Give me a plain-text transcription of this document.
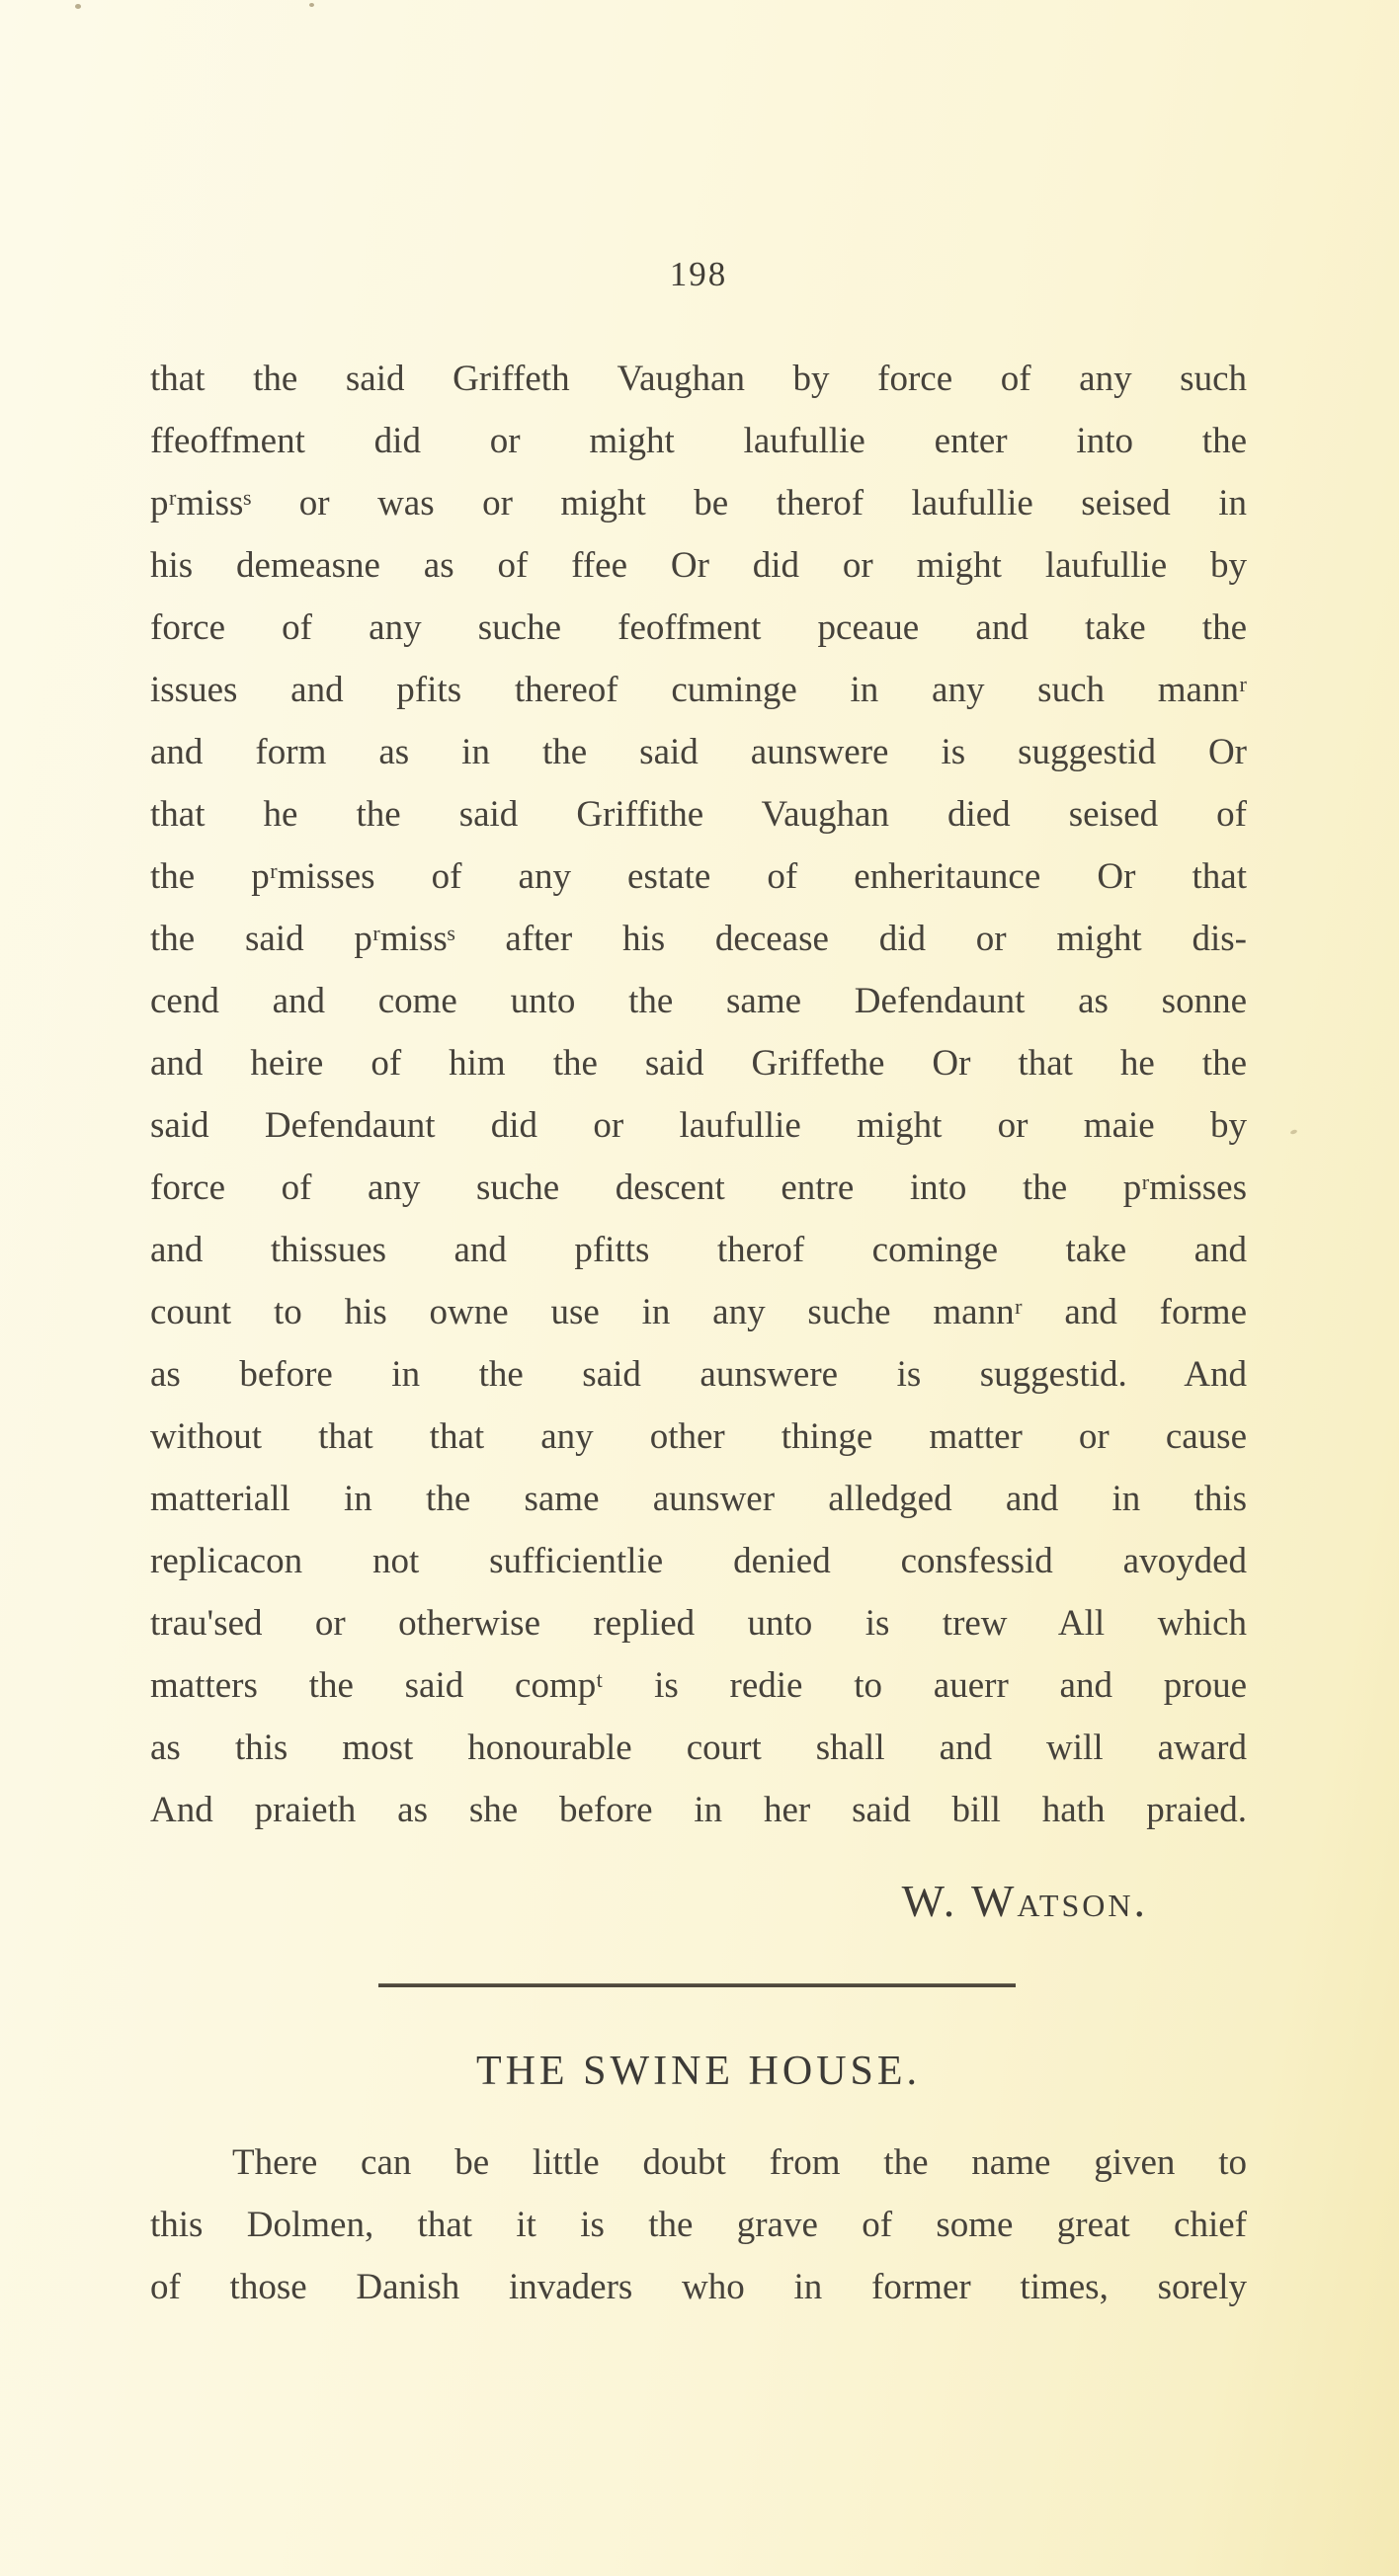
198
that the said Griffeth Vaughan by force of any such
ffeoffment did or might laufullie enter into the
pʳmissˢ or was or might be therof laufullie seised in
his demeasne as of ffee Or did or might laufullie by
force of any suche feoffment pceaue and take the
issues and pfits thereof cuminge in any such mannʳ
and form as in the said aunswere is suggestid Or
that he the said Griffithe Vaughan died seised of
the pʳmisses of any estate of enheritaunce Or that
the said pʳmissˢ after his decease did or might dis-
cend and come unto the same Defendaunt as sonne
and heire of him the said Griffethe Or that he the
said Defendaunt did or laufullie might or maie by
force of any suche descent entre into the pʳmisses
and thissues and pfitts therof cominge take and
count to his owne use in any suche mannʳ and forme
as before in the said aunswere is suggestid. And
without that that any other thinge matter or cause
matteriall in the same aunswer alledged and in this
replicacon not sufficientlie denied consfessid avoyded
trau'sed or otherwise replied unto is trew All which
matters the said compᵗ is redie to auerr and proue
as this most honourable court shall and will award
And praieth as she before in her said bill hath praied.
W. Watson.
THE SWINE HOUSE.
There can be little doubt from the name given to
this Dolmen, that it is the grave of some great chief
of those Danish invaders who in former times, sorely
